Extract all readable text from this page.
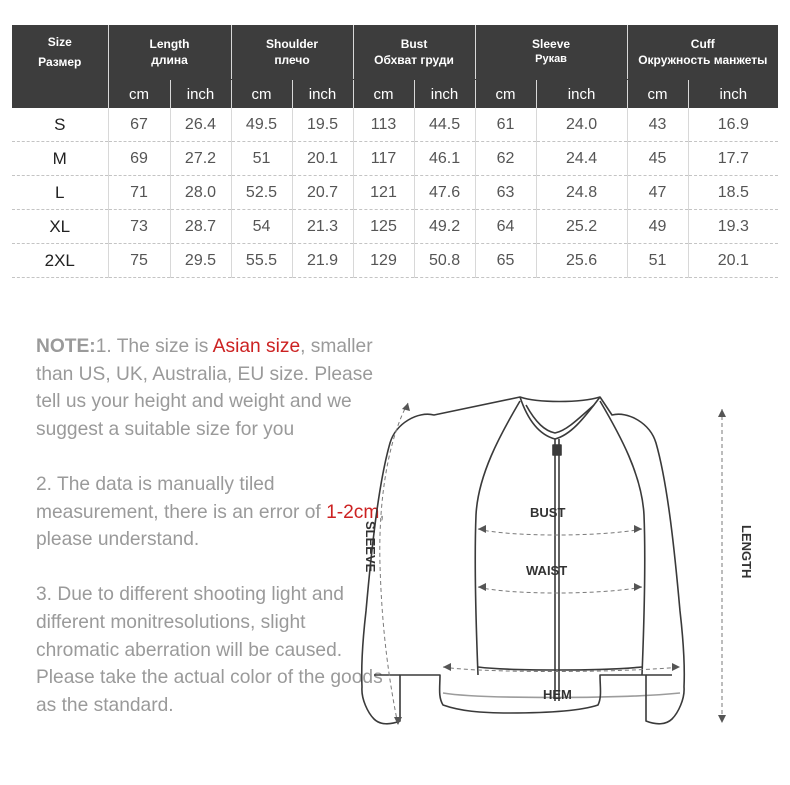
Size
Размер	Length		Shoulder		Bust		Sleeve		Cuff	
	длина		плечо		Обхват груди		Рукав		Окружность манжеты	
	cm	inch	cm	inch	cm	inch	cm	inch	cm	inch
S	67	26.4	49.5	19.5	113	44.5	61	24.0	43	16.9
M	69	27.2	51	20.1	117	46.1	62	24.4	45	17.7
L	71	28.0	52.5	20.7	121	47.6	63	24.8	47	18.5
XL	73	28.7	54	21.3	125	49.2	64	25.2	49	19.3
2XL	75	29.5	55.5	21.9	129	50.8	65	25.6	51	20.1

NOTE:1. The size is Asian size, smaller than US, UK, Australia, EU size. Please tell us your height and weight and we suggest a suitable size for you

2. The data is manually tiled measurement, there is an error of 1-2cm, please understand.

3. Due to different shooting light and different monitresolutions, slight chromatic aberration will be caused. Please take the actual color of the goods as the standard.

BUST
WAIST
HEM
SLEEVE	LENGTH
